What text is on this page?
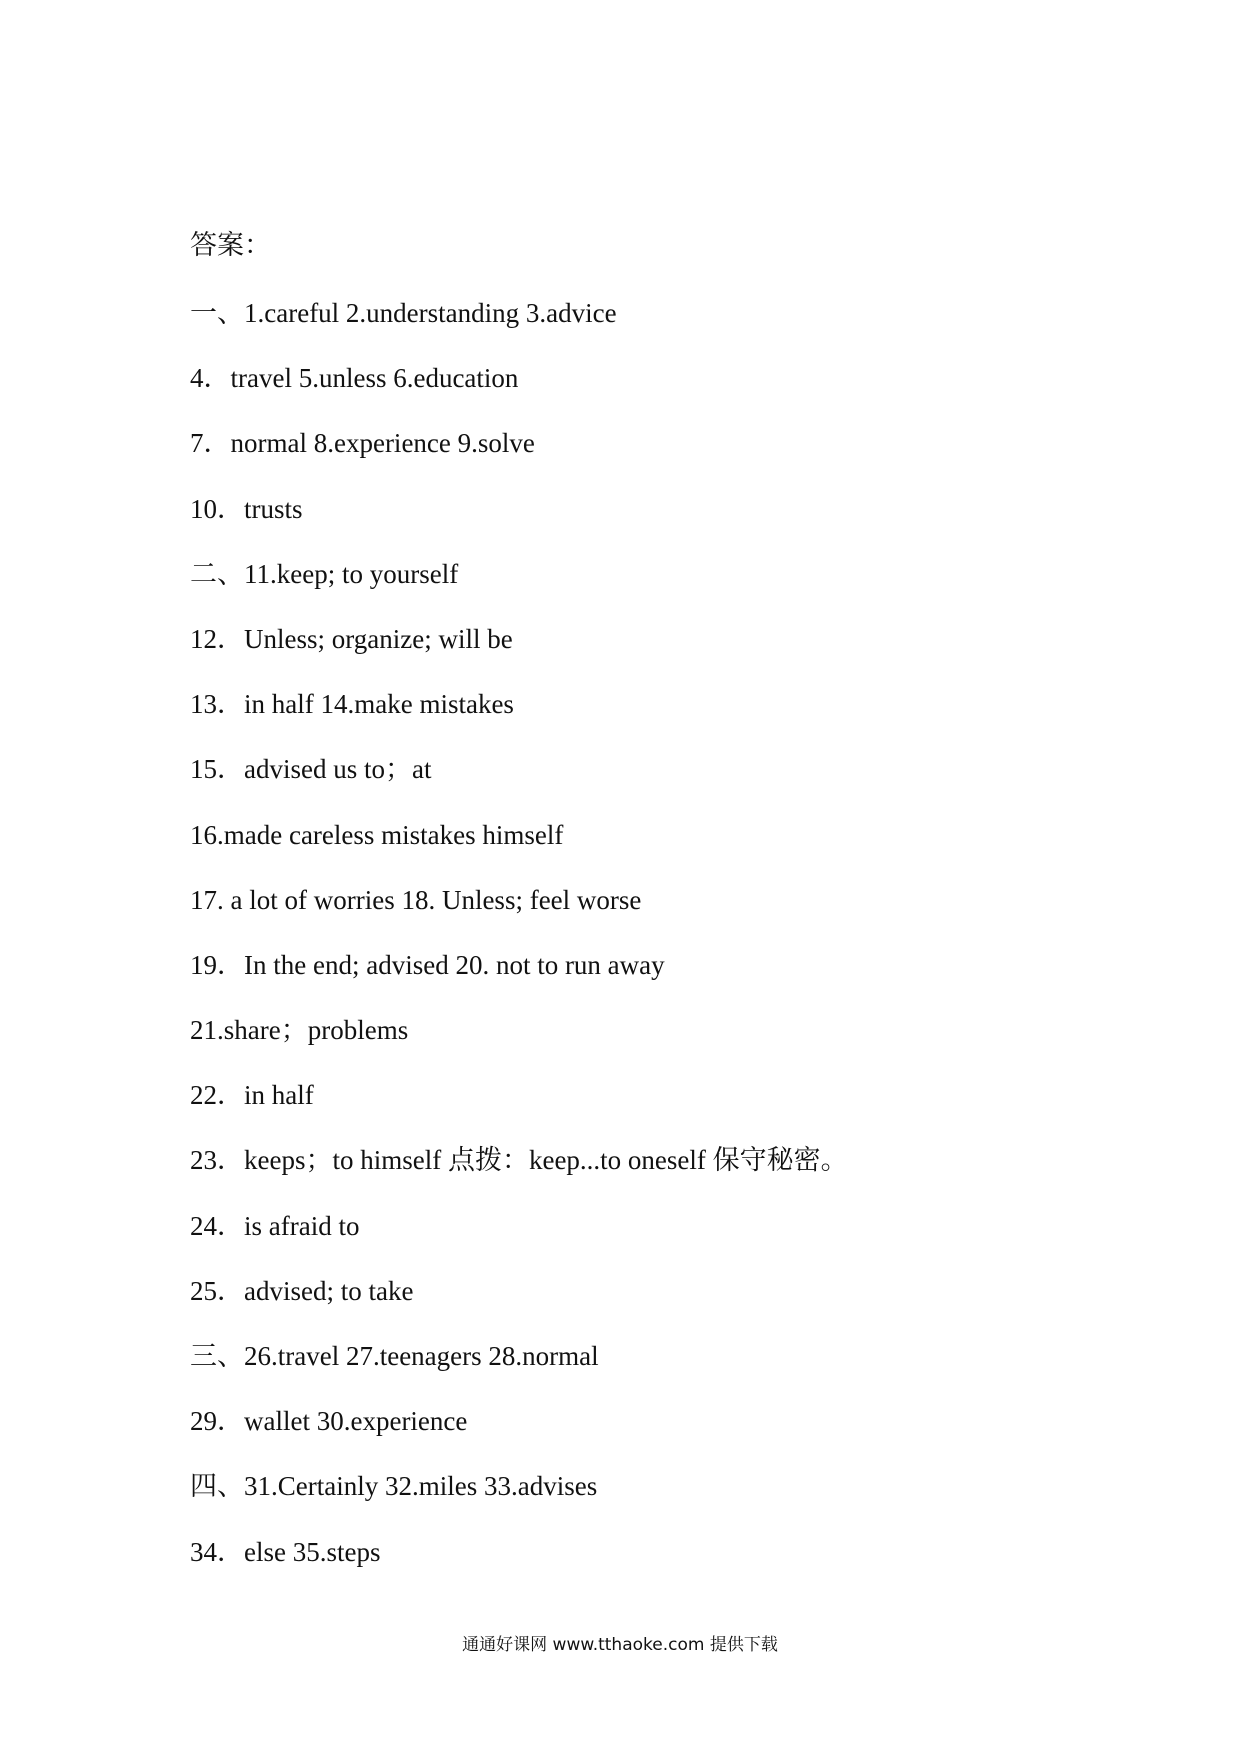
答案：
一、1.careful 2.understanding 3.advice
4．travel 5.unless 6.education
7．normal 8.experience 9.solve
10．trusts
二、11.keep; to yourself
12．Unless; organize; will be
13．in half 14.make mistakes
15．advised us to；at
16.made careless mistakes himself
17. a lot of worries 18. Unless; feel worse
19．In the end; advised 20. not to run away
21.share；problems
22．in half
23．keeps；to himself 点拨：keep...to oneself 保守秘密。
24．is afraid to
25．advised; to take
三、26.travel 27.teenagers 28.normal
29．wallet 30.experience
四、31.Certainly 32.miles 33.advises
34．else 35.steps
通通好课网 www.tthaoke.com 提供下载
